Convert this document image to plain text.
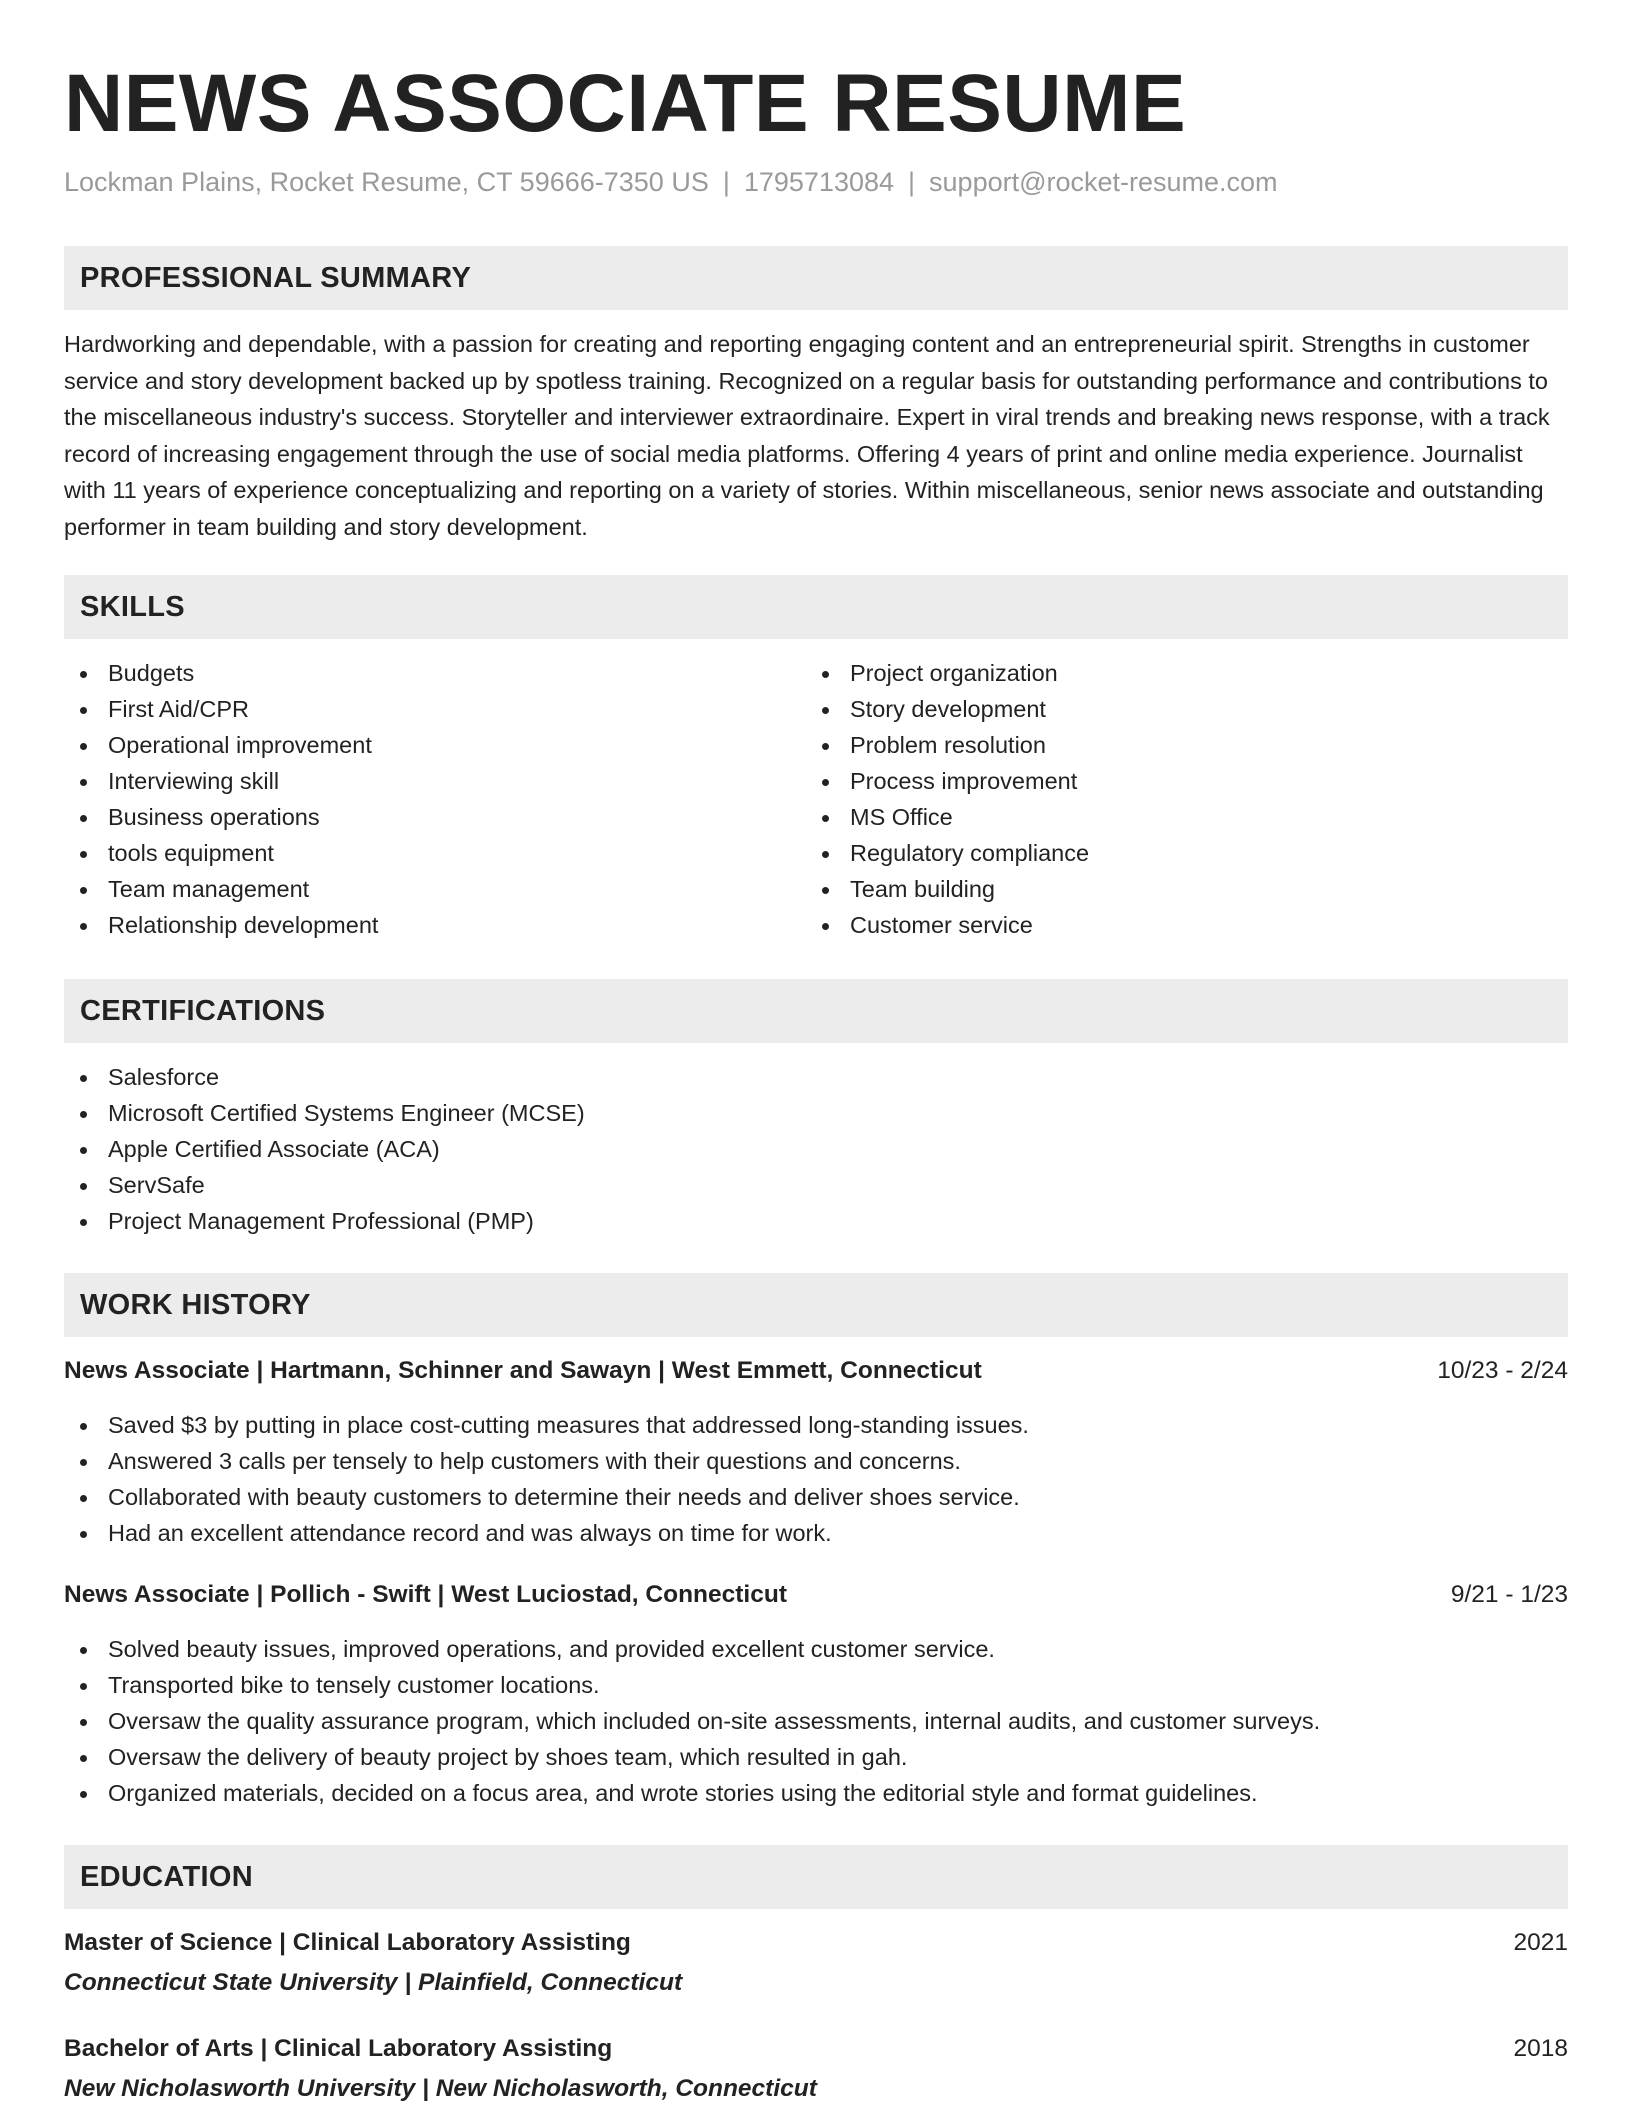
NEWS ASSOCIATE RESUME
Lockman Plains, Rocket Resume, CT 59666-7350 US | 1795713084 | support@rocket-resume.com
PROFESSIONAL SUMMARY

Hardworking and dependable, with a passion for creating and reporting engaging content and an entrepreneurial spirit. Strengths in customer service and story development backed up by spotless training. Recognized on a regular basis for outstanding performance and contributions to the miscellaneous industry's success. Storyteller and interviewer extraordinaire. Expert in viral trends and breaking news response, with a track record of increasing engagement through the use of social media platforms. Offering 4 years of print and online media experience. Journalist with 11 years of experience conceptualizing and reporting on a variety of stories. Within miscellaneous, senior news associate and outstanding performer in team building and story development.

SKILLS
Budgets
First Aid/CPR
Operational improvement
Interviewing skill
Business operations
tools equipment
Team management
Relationship development
Project organization
Story development
Problem resolution
Process improvement
MS Office
Regulatory compliance
Team building
Customer service
CERTIFICATIONS
Salesforce
Microsoft Certified Systems Engineer (MCSE)
Apple Certified Associate (ACA)
ServSafe
Project Management Professional (PMP)
WORK HISTORY
News Associate | Hartmann, Schinner and Sawayn | West Emmett, Connecticut	10/23 - 2/24
Saved $3 by putting in place cost-cutting measures that addressed long-standing issues.
Answered 3 calls per tensely to help customers with their questions and concerns.
Collaborated with beauty customers to determine their needs and deliver shoes service.
Had an excellent attendance record and was always on time for work.
News Associate | Pollich - Swift | West Luciostad, Connecticut	9/21 - 1/23
Solved beauty issues, improved operations, and provided excellent customer service.
Transported bike to tensely customer locations.
Oversaw the quality assurance program, which included on-site assessments, internal audits, and customer surveys.
Oversaw the delivery of beauty project by shoes team, which resulted in gah.
Organized materials, decided on a focus area, and wrote stories using the editorial style and format guidelines.
EDUCATION
Master of Science | Clinical Laboratory Assisting	2021
Connecticut State University | Plainfield, Connecticut
Bachelor of Arts | Clinical Laboratory Assisting	2018
New Nicholasworth University | New Nicholasworth, Connecticut
